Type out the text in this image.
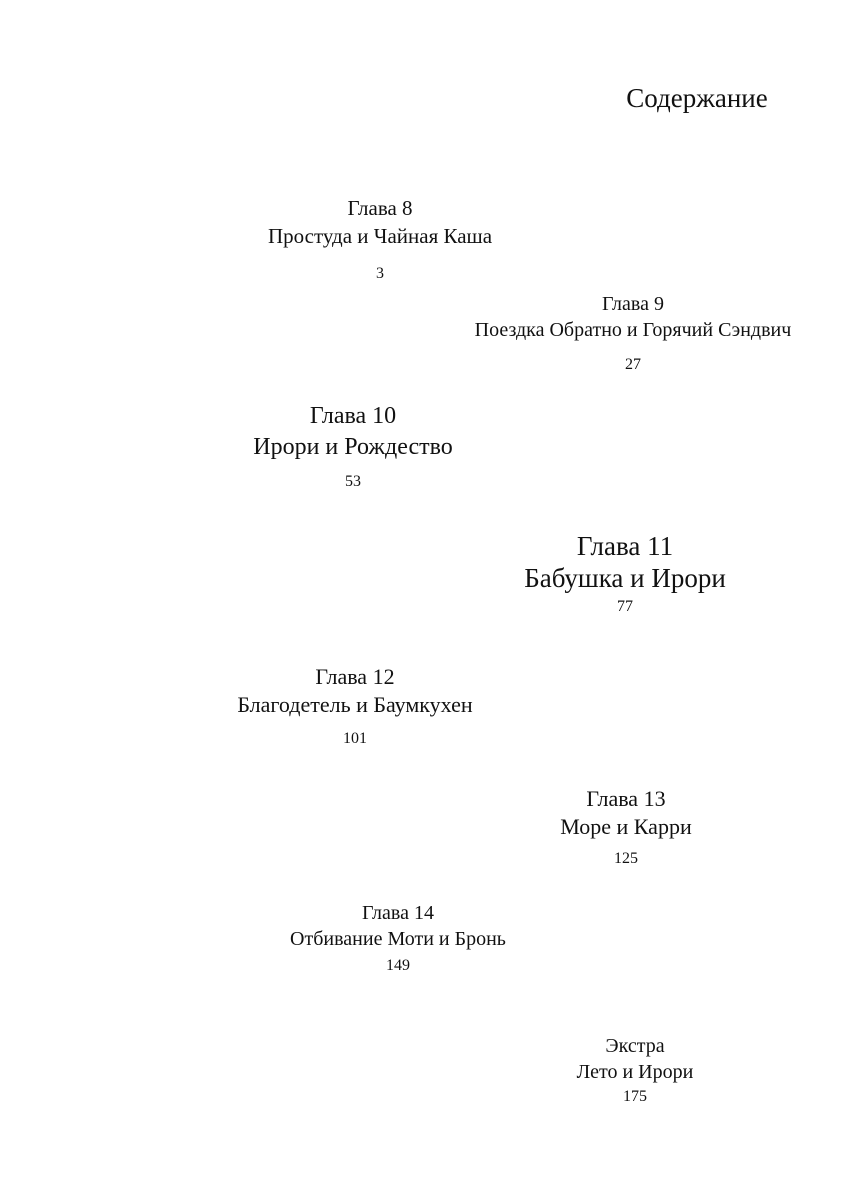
Содержание
Глава 8
Простуда и Чайная Каша
3
Глава 9
Поездка Обратно и Горячий Сэндвич
27
Глава 10
Ирори и Рождество
53
Глава 11
Бабушка и Ирори
77
Глава 12
Благодетель и Баумкухен
101
Глава 13
Море и Карри
125
Глава 14
Отбивание Моти и Бронь
149
Экстра
Лето и Ирори
175
